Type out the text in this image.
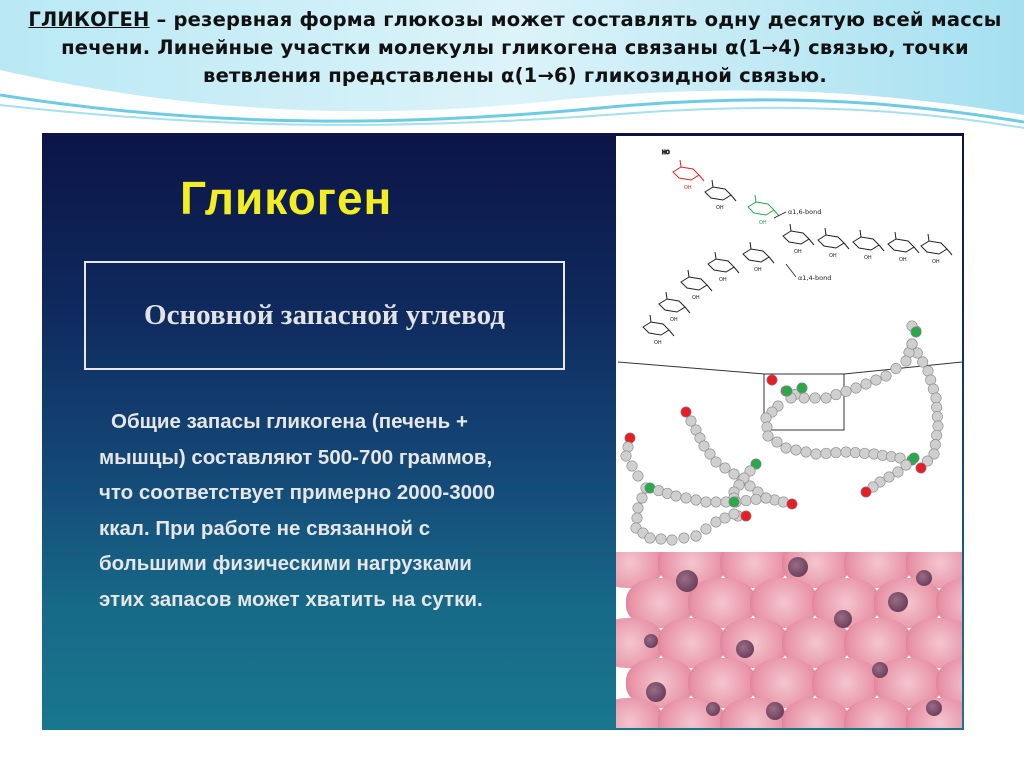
ГЛИКОГЕН – резервная форма глюкозы может составлять одну десятую всей массы печени. Линейные участки молекулы гликогена связаны α(1→4) связью, точки ветвления представлены α(1→6) гликозидной связью.
Гликоген
Основной запасной углевод
Общие запасы гликогена (печень + мышцы) составляют 500-700 граммов, что соответствует примерно 2000-3000 ккал. При работе не связанной с большими физическими нагрузками этих запасов может хватить на сутки.
OH
OH
OH
OH
OH	OH	OH	OH
OH
OH
OH
OH
OH
HO
α1,6-bond
α1,4-bond
